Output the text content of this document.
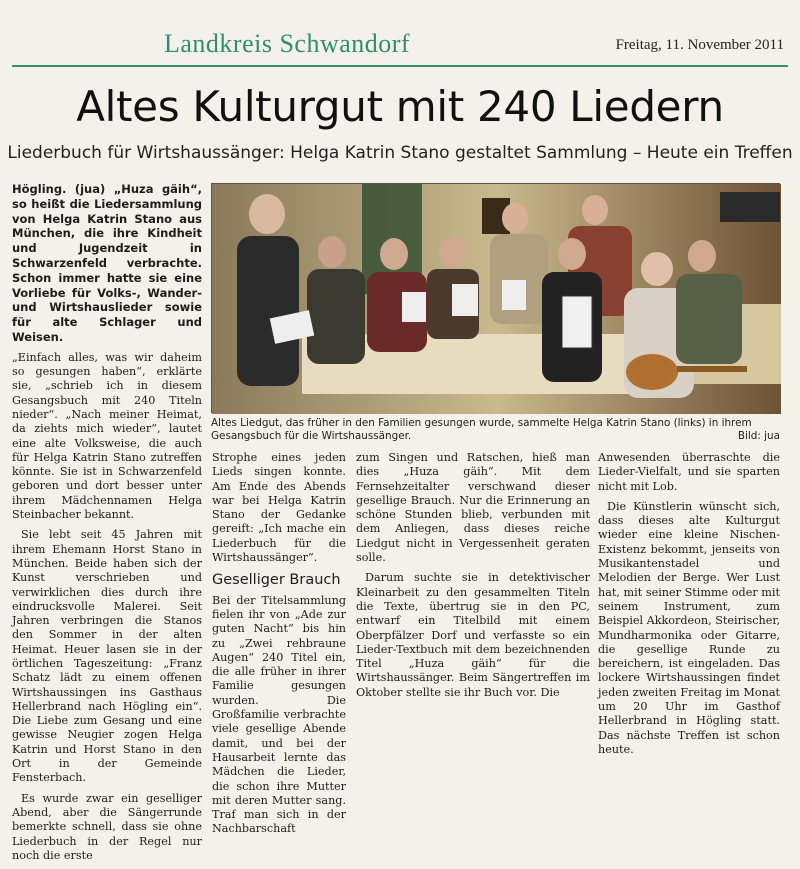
Landkreis Schwandorf	Freitag, 11. November 2011
Altes Kulturgut mit 240 Liedern
Liederbuch für Wirtshaussänger: Helga Katrin Stano gestaltet Sammlung – Heute ein Treffen

Högling. (jua) „Huza gäih“, so heißt die Liedersammlung von Helga Katrin Stano aus München, die ihre Kindheit und Jugendzeit in Schwarzenfeld verbrachte. Schon immer hatte sie eine Vorliebe für Volks-, Wander- und Wirtshauslieder sowie für alte Schlager und Weisen.

„Einfach alles, was wir daheim so gesungen haben“, erklärte sie, „schrieb ich in diesem Gesangsbuch mit 240 Titeln nieder“. „Nach meiner Heimat, da ziehts mich wieder“, lautet eine alte Volksweise, die auch für Helga Katrin Stano zutreffen könnte. Sie ist in Schwarzenfeld geboren und dort besser unter ihrem Mädchennamen Helga Steinbacher bekannt.

Sie lebt seit 45 Jahren mit ihrem Ehemann Horst Stano in München. Beide haben sich der Kunst verschrieben und verwirklichen dies durch ihre eindrucksvolle Malerei. Seit Jahren verbringen die Stanos den Sommer in der alten Heimat. Heuer lasen sie in der örtlichen Tageszeitung: „Franz Schatz lädt zu einem offenen Wirtshaussingen ins Gasthaus Hellerbrand nach Högling ein“. Die Liebe zum Gesang und eine gewisse Neugier zogen Helga Katrin und Horst Stano in den Ort in der Gemeinde Fensterbach.

Es wurde zwar ein geselliger Abend, aber die Sängerrunde bemerkte schnell, dass sie ohne Liederbuch in der Regel nur noch die erste

Altes Liedgut, das früher in den Familien gesungen wurde, sammelte Helga Katrin Stano (links) in ihrem Gesangsbuch für die Wirtshaussänger.	Bild: jua

Strophe eines jeden Lieds singen konnte. Am Ende des Abends war bei Helga Katrin Stano der Gedanke gereift: „Ich mache ein Liederbuch für die Wirtshaussänger“.

Geselliger Brauch

Bei der Titelsammlung fielen ihr von „Ade zur guten Nacht“ bis hin zu „Zwei rehbraune Augen“ 240 Titel ein, die alle früher in ihrer Familie gesungen wurden. Die Großfamilie verbrachte viele gesellige Abende damit, und bei der Hausarbeit lernte das Mädchen die Lieder, die schon ihre Mutter mit deren Mutter sang. Traf man sich in der Nachbarschaft

zum Singen und Ratschen, hieß man dies „Huza gäih“. Mit dem Fernsehzeitalter verschwand dieser gesellige Brauch. Nur die Erinnerung an schöne Stunden blieb, verbunden mit dem Anliegen, dass dieses reiche Liedgut nicht in Vergessenheit geraten solle.

Darum suchte sie in detektivischer Kleinarbeit zu den gesammelten Titeln die Texte, übertrug sie in den PC, entwarf ein Titelbild mit einem Oberpfälzer Dorf und verfasste so ein Lieder-Textbuch mit dem bezeichnenden Titel „Huza gäih“ für die Wirtshaussänger. Beim Sängertreffen im Oktober stellte sie ihr Buch vor. Die

Anwesenden überraschte die Lieder-Vielfalt, und sie sparten nicht mit Lob.

Die Künstlerin wünscht sich, dass dieses alte Kulturgut wieder eine kleine Nischen-Existenz bekommt, jenseits von Musikantenstadel und Melodien der Berge. Wer Lust hat, mit seiner Stimme oder mit seinem Instrument, zum Beispiel Akkordeon, Steirischer, Mundharmonika oder Gitarre, die gesellige Runde zu bereichern, ist eingeladen. Das lockere Wirtshaussingen findet jeden zweiten Freitag im Monat um 20 Uhr im Gasthof Hellerbrand in Högling statt. Das nächste Treffen ist schon heute.
